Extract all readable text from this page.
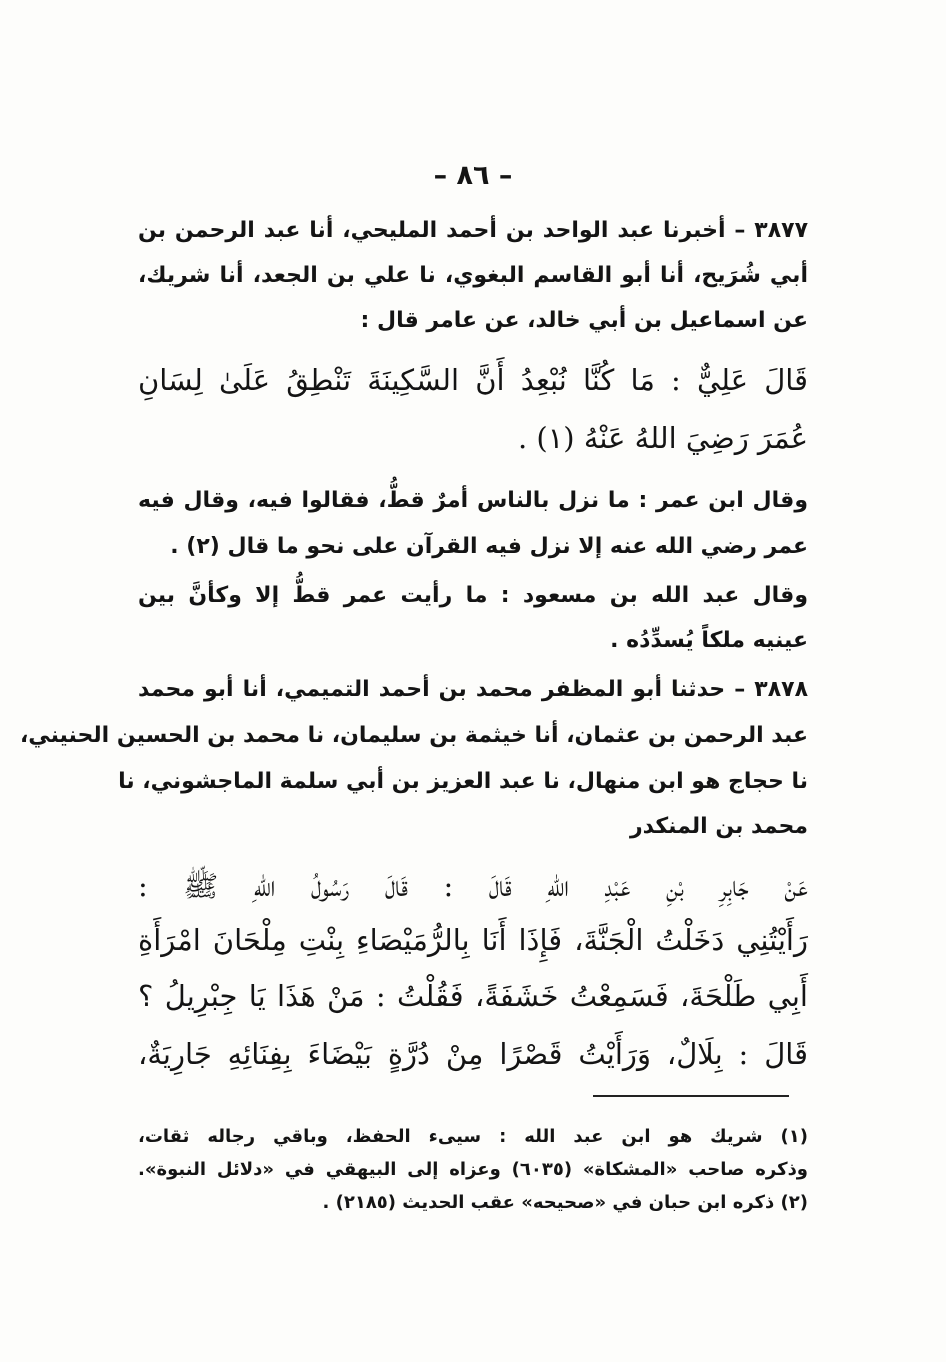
– ٨٦ –
٣٨٧٧ – أخبرنا عبد الواحد بن أحمد المليحي، أنا عبد الرحمن بن
أبي شُرَيح، أنا أبو القاسم البغوي، نا علي بن الجعد، أنا شريك،
عن اسماعيل بن أبي خالد، عن عامر قال :
قَالَ عَلِيٌّ : مَا كُنَّا نُبْعِدُ أَنَّ السَّكِينَةَ تَنْطِقُ عَلَىٰ لِسَانِ
عُمَرَ رَضِيَ اللهُ عَنْهُ (١) .
وقال ابن عمر : ما نزل بالناس أمرٌ قطُّ، فقالوا فيه، وقال فيه
عمر رضي الله عنه إلا نزل فيه القرآن على نحو ما قال (٢) .
وقال عبد الله بن مسعود : ما رأيت عمر قطُّ إلا وكأنَّ بين
عينيه ملكاً يُسدِّدُه .
٣٨٧٨ – حدثنا أبو المظفر محمد بن أحمد التميمي، أنا أبو محمد
عبد الرحمن بن عثمان، أنا خيثمة بن سليمان، نا محمد بن الحسين الحنيني،
نا حجاج هو ابن منهال، نا عبد العزيز بن أبي سلمة الماجشوني، نا
محمد بن المنكدر
عَنْ جَابِرِ بْنِ عَبْدِ اللهِ قَالَ : قَالَ رَسُولُ اللهِ ﷺ :
رَأَيْتُنِي دَخَلْتُ الْجَنَّةَ، فَإِذَا أَنَا بِالرُّمَيْصَاءِ بِنْتِ مِلْحَانَ امْرَأَةِ
أَبِي طَلْحَةَ، فَسَمِعْتُ خَشَفَةً، فَقُلْتُ : مَنْ هَذَا يَا جِبْرِيلُ ؟
قَالَ : بِلَالٌ، وَرَأَيْتُ قَصْرًا مِنْ دُرَّةٍ بَيْضَاءَ بِفِنَائِهِ جَارِيَةٌ،
(١) شريك هو ابن عبد الله : سيىء الحفظ، وباقي رجاله ثقات،
وذكره صاحب «المشكاة» (٦٠٣٥) وعزاه إلى البيهقي في «دلائل النبوة».
(٢) ذكره ابن حبان في «صحيحه» عقب الحديث (٢١٨٥) .
